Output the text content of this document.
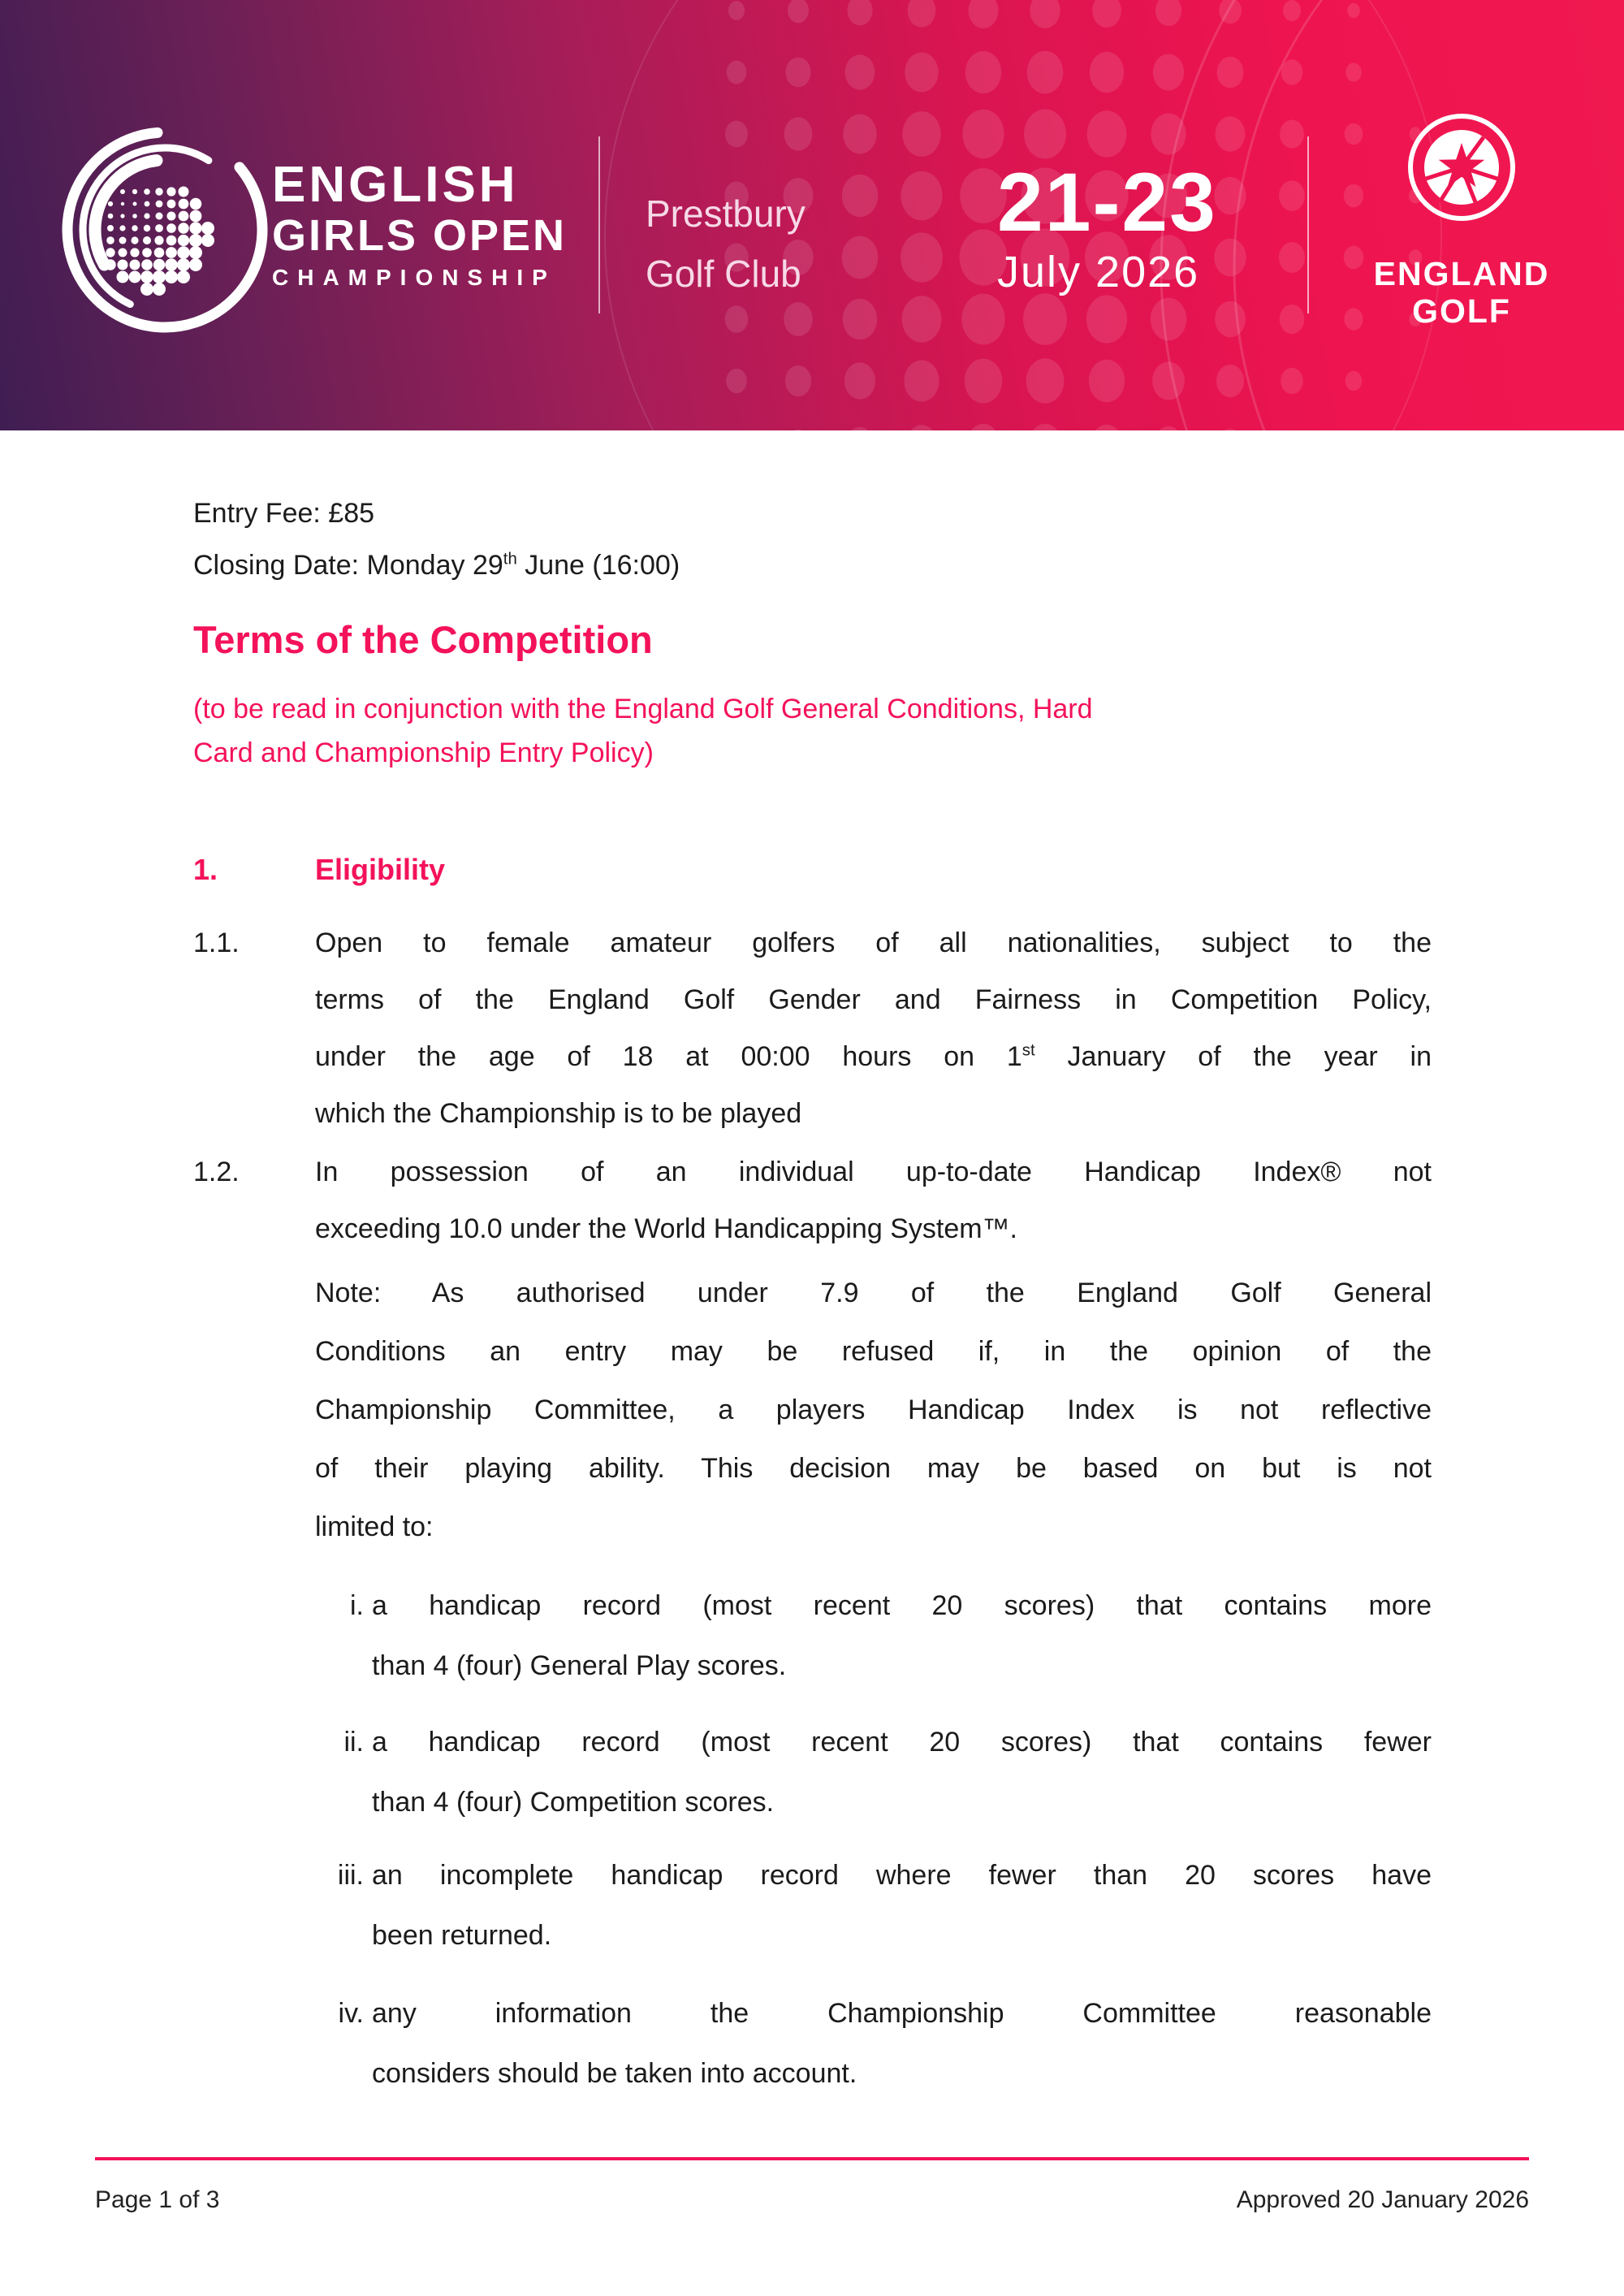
ENGLISH
GIRLS OPEN
CHAMPIONSHIP
Prestbury
Golf Club
21-23
July 2026	ENGLAND
GOLF
Entry Fee: £85
Closing Date: Monday 29th June (16:00)
Terms of the Competition
(to be read in conjunction with the England Golf General Conditions, Hard
Card and Championship Entry Policy)
1.	Eligibility
1.1.	Open to female amateur golfers of all nationalities, subject to the
terms of the England Golf Gender and Fairness in Competition Policy,
under the age of 18 at 00:00 hours on 1st January of the year in
which the Championship is to be played
1.2.	In possession of an individual up-to-date Handicap Index® not
exceeding 10.0 under the World Handicapping System™.
Note: As authorised under 7.9 of the England Golf General
Conditions an entry may be refused if, in the opinion of the
Championship Committee, a players Handicap Index is not reflective
of their playing ability. This decision may be based on but is not
limited to:
i. a handicap record (most recent 20 scores) that contains more
than 4 (four) General Play scores.
ii. a handicap record (most recent 20 scores) that contains fewer
than 4 (four) Competition scores.
iii. an incomplete handicap record where fewer than 20 scores have
been returned.
iv. any information the Championship Committee reasonable
considers should be taken into account.
Page 1 of 3	Approved 20 January 2026
